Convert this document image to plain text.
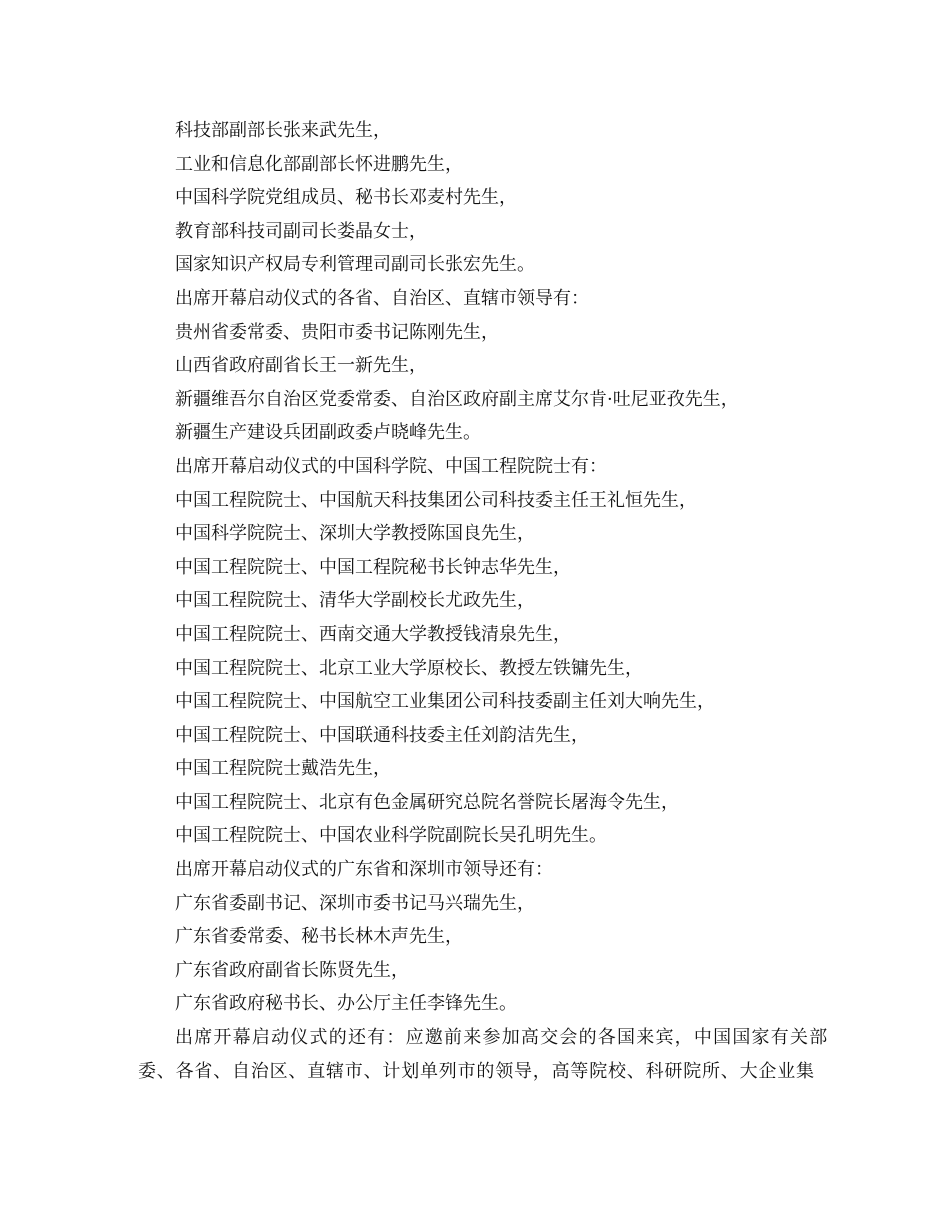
科技部副部长张来武先生，

工业和信息化部副部长怀进鹏先生，

中国科学院党组成员、秘书长邓麦村先生，

教育部科技司副司长娄晶女士，

国家知识产权局专利管理司副司长张宏先生。

出席开幕启动仪式的各省、自治区、直辖市领导有：

贵州省委常委、贵阳市委书记陈刚先生，

山西省政府副省长王一新先生，

新疆维吾尔自治区党委常委、自治区政府副主席艾尔肯·吐尼亚孜先生，

新疆生产建设兵团副政委卢晓峰先生。

出席开幕启动仪式的中国科学院、中国工程院院士有：

中国工程院院士、中国航天科技集团公司科技委主任王礼恒先生，

中国科学院院士、深圳大学教授陈国良先生，

中国工程院院士、中国工程院秘书长钟志华先生，

中国工程院院士、清华大学副校长尤政先生，

中国工程院院士、西南交通大学教授钱清泉先生，

中国工程院院士、北京工业大学原校长、教授左铁镛先生，

中国工程院院士、中国航空工业集团公司科技委副主任刘大响先生，

中国工程院院士、中国联通科技委主任刘韵洁先生，

中国工程院院士戴浩先生，

中国工程院院士、北京有色金属研究总院名誉院长屠海令先生，

中国工程院院士、中国农业科学院副院长吴孔明先生。

出席开幕启动仪式的广东省和深圳市领导还有：

广东省委副书记、深圳市委书记马兴瑞先生，

广东省委常委、秘书长林木声先生，

广东省政府副省长陈贤先生，

广东省政府秘书长、办公厅主任李锋先生。

出席开幕启动仪式的还有：应邀前来参加高交会的各国来宾，中国国家有关部委、各省、自治区、直辖市、计划单列市的领导，高等院校、科研院所、大企业集
